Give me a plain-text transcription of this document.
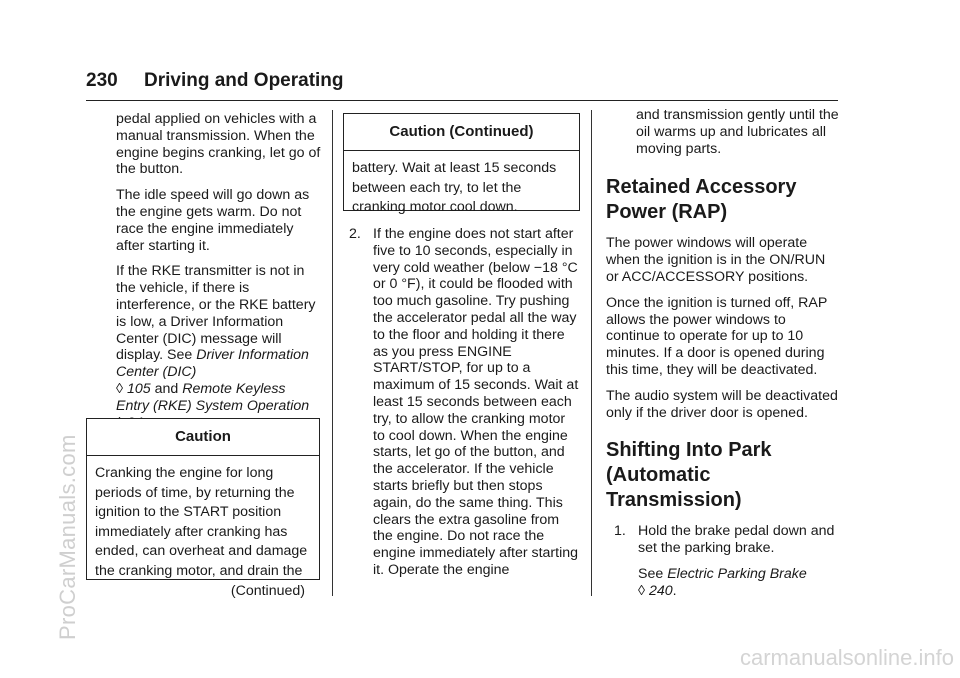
230 Driving and Operating

pedal applied on vehicles with a manual transmission. When the engine begins cranking, let go of the button.

The idle speed will go down as the engine gets warm. Do not race the engine immediately after starting it.

If the RKE transmitter is not in the vehicle, if there is interference, or the RKE battery is low, a Driver Information Center (DIC) message will display. See Driver Information Center (DIC)
◊ 105 and Remote Keyless Entry (RKE) System Operation

Caution
Cranking the engine for long periods of time, by returning the ignition to the START position immediately after cranking has ended, can overheat and damage the cranking motor, and drain the
(Continued)
Caution (Continued)
battery. Wait at least 15 seconds between each try, to let the cranking motor cool down.
2. If the engine does not start after five to 10 seconds, especially in very cold weather (below −18 °C or 0 °F), it could be flooded with too much gasoline. Try pushing the accelerator pedal all the way to the floor and holding it there as you press ENGINE START/STOP, for up to a maximum of 15 seconds. Wait at least 15 seconds between each try, to allow the cranking motor to cool down. When the engine starts, let go of the button, and the accelerator. If the vehicle starts briefly but then stops again, do the same thing. This clears the extra gasoline from the engine. Do not race the engine immediately after starting it. Operate the engine
and transmission gently until the oil warms up and lubricates all moving parts.
Retained Accessory Power (RAP)

The power windows will operate when the ignition is in the ON/RUN or ACC/ACCESSORY positions.

Once the ignition is turned off, RAP allows the power windows to continue to operate for up to 10 minutes. If a door is opened during this time, they will be deactivated.

The audio system will be deactivated only if the driver door is opened.

Shifting Into Park (Automatic Transmission)
1. Hold the brake pedal down and set the parking brake.
See Electric Parking Brake
◊ 240.
ProCarManuals.com
carmanualsonline.info
